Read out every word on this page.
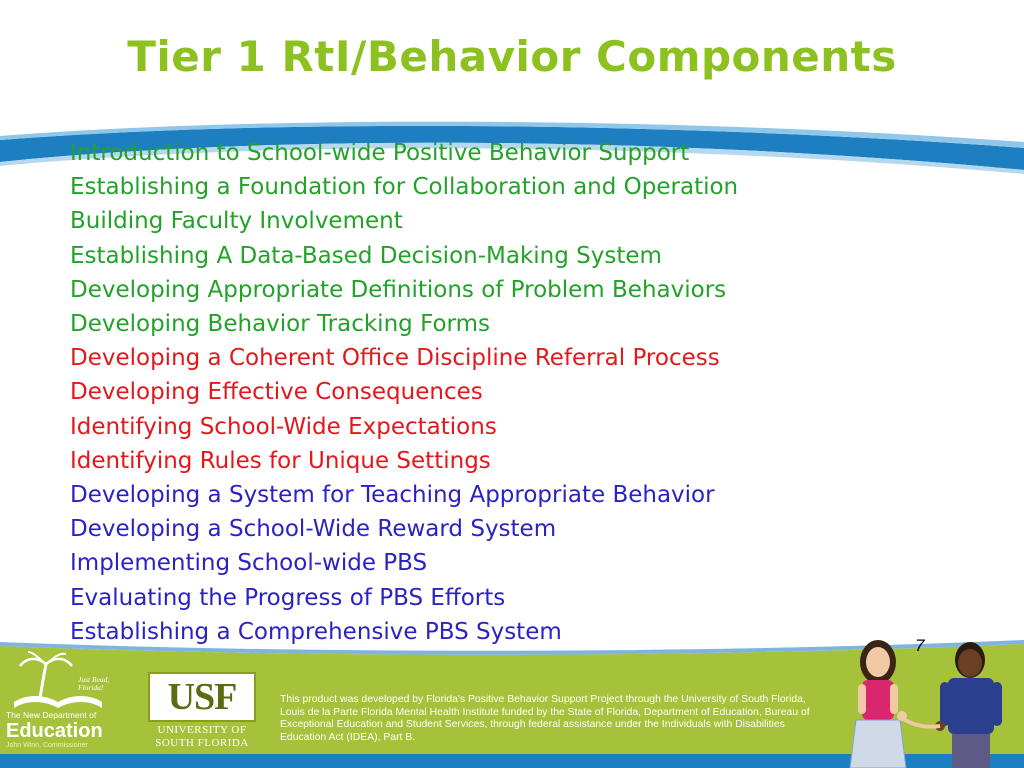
Tier 1 RtI/Behavior Components
Introduction to School-wide Positive Behavior Support
Establishing a Foundation for Collaboration and Operation
Building Faculty Involvement
Establishing A Data-Based Decision-Making System
Developing Appropriate Definitions of Problem Behaviors
Developing Behavior Tracking Forms
Developing a Coherent Office Discipline Referral Process
Developing Effective Consequences
Identifying School-Wide Expectations
Identifying Rules for Unique Settings
Developing a System for Teaching Appropriate Behavior
Developing a School-Wide Reward System
Implementing School-wide PBS
Evaluating the Progress of PBS Efforts
Establishing a Comprehensive PBS System
7
Just Read, Florida!
The New Department of
Education
John Winn, Commissioner
USF
UNIVERSITY OF
SOUTH FLORIDA
This product was developed by Florida's Positive Behavior Support Project through the University of South Florida, Louis de la Parte Florida Mental Health Institute funded by the State of Florida, Department of Education, Bureau of Exceptional Education and Student Services, through federal assistance under the Individuals with Disabilities Education Act (IDEA), Part B.
